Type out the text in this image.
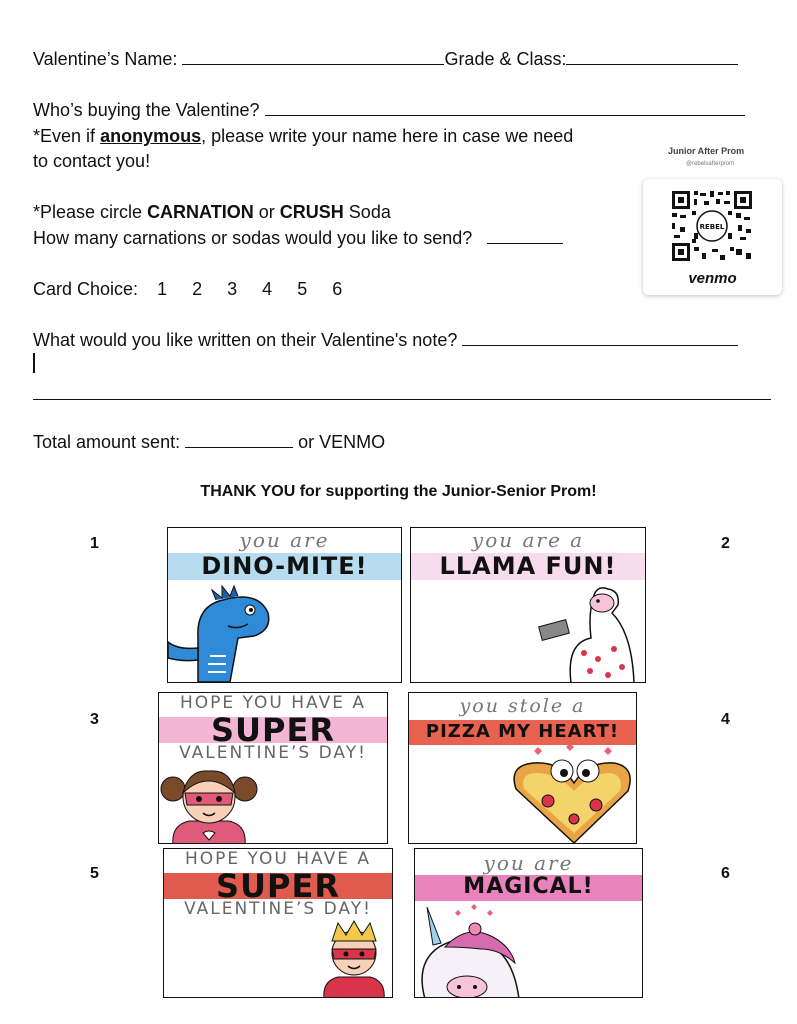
Valentine’s Name:	Grade & Class:
Who’s buying the Valentine?
*Even if anonymous, please write your name here in case we need
to contact you!
*Please circle CARNATION or CRUSH Soda
How many carnations or sodas would you like to send?
Card Choice: 1 2 3 4 5 6
What would you like written on their Valentine's note?
Total amount sent:	or VENMO
Junior After Prom
@rebelsafterprom
REBEL
venmo
THANK YOU for supporting the Junior-Senior Prom!
1	2
3	4
5	6
you are
DINO-MITE!
you are a
LLAMA FUN!
HOPE YOU HAVE A
SUPER
VALENTINE’S DAY!
you stole a
PIZZA MY HEART!
HOPE YOU HAVE A
SUPER
VALENTINE’S DAY!
you are
MAGICAL!
